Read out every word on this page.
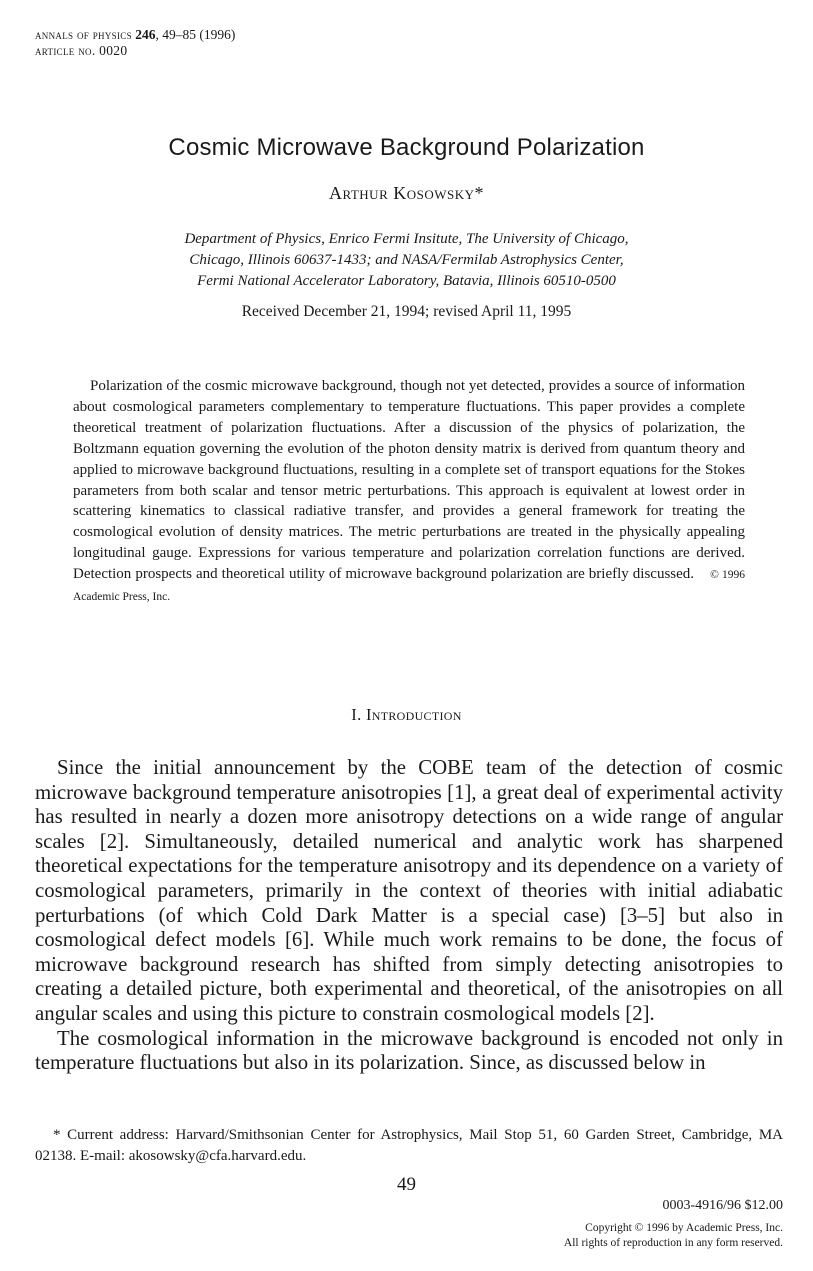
annals of physics 246, 49–85 (1996)
article no. 0020
Cosmic Microwave Background Polarization
Arthur Kosowsky*
Department of Physics, Enrico Fermi Insitute, The University of Chicago,
Chicago, Illinois 60637-1433; and NASA/Fermilab Astrophysics Center,
Fermi National Accelerator Laboratory, Batavia, Illinois 60510-0500
Received December 21, 1994; revised April 11, 1995
Polarization of the cosmic microwave background, though not yet detected, provides a source of information about cosmological parameters complementary to temperature fluctuations. This paper provides a complete theoretical treatment of polarization fluctuations. After a discussion of the physics of polarization, the Boltzmann equation governing the evolution of the photon density matrix is derived from quantum theory and applied to microwave background fluctuations, resulting in a complete set of transport equations for the Stokes parameters from both scalar and tensor metric perturbations. This approach is equivalent at lowest order in scattering kinematics to classical radiative transfer, and provides a general framework for treating the cosmological evolution of density matrices. The metric perturbations are treated in the physically appealing longitudinal gauge. Expressions for various temperature and polarization correlation functions are derived. Detection prospects and theoretical utility of microwave background polarization are briefly discussed. © 1996 Academic Press, Inc.
I. Introduction

Since the initial announcement by the COBE team of the detection of cosmic microwave background temperature anisotropies [1], a great deal of experimental activity has resulted in nearly a dozen more anisotropy detections on a wide range of angular scales [2]. Simultaneously, detailed numerical and analytic work has sharpened theoretical expectations for the temperature anisotropy and its dependence on a variety of cosmological parameters, primarily in the context of theories with initial adiabatic perturbations (of which Cold Dark Matter is a special case) [3–5] but also in cosmological defect models [6]. While much work remains to be done, the focus of microwave background research has shifted from simply detecting anisotropies to creating a detailed picture, both experimental and theoretical, of the anisotropies on all angular scales and using this picture to constrain cosmological models [2].

The cosmological information in the microwave background is encoded not only in temperature fluctuations but also in its polarization. Since, as discussed below in

* Current address: Harvard/Smithsonian Center for Astrophysics, Mail Stop 51, 60 Garden Street, Cambridge, MA 02138. E-mail: akosowsky@cfa.harvard.edu.
49
0003-4916/96 $12.00
Copyright © 1996 by Academic Press, Inc.
All rights of reproduction in any form reserved.
